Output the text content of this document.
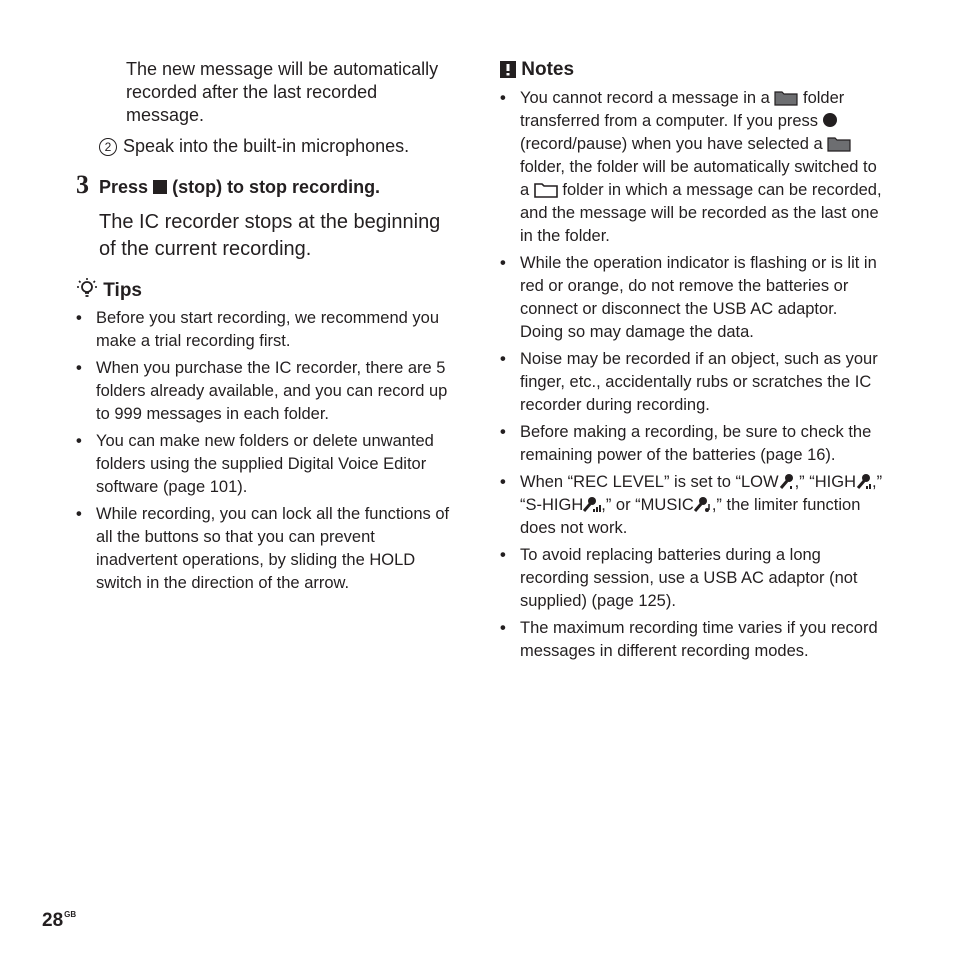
The new message will be automatically recorded after the last recorded message.
2 Speak into the built-in microphones.
3 Press (stop) to stop recording.
The IC recorder stops at the beginning of the current recording.
Tips
• Before you start recording, we recommend you make a trial recording first.
• When you purchase the IC recorder, there are 5 folders already available, and you can record up to 999 messages in each folder.
• You can make new folders or delete unwanted folders using the supplied Digital Voice Editor software (page 101).
• While recording, you can lock all the functions of all the buttons so that you can prevent inadvertent operations, by sliding the HOLD switch in the direction of the arrow.
Notes
• You cannot record a message in a folder transferred from a computer. If you press  (record/pause) when you have selected a  folder, the folder will be automatically switched to a folder in which a message can be recorded, and the message will be recorded as the last one in the folder.
• While the operation indicator is flashing or is lit in red or orange, do not remove the batteries or connect or disconnect the USB AC adaptor. Doing so may damage the data.
• Noise may be recorded if an object, such as your finger, etc., accidentally rubs or scratches the IC recorder during recording.
• Before making a recording, be sure to check the remaining power of the batteries (page 16).
• When “REC LEVEL” is set to “LOW ,” “HIGH ,” “S-HIGH ,” or “MUSIC ,” the limiter function does not work.
• To avoid replacing batteries during a long recording session, use a USB AC adaptor (not supplied) (page 125).
• The maximum recording time varies if you record messages in different recording modes.
$28^{GB}$
